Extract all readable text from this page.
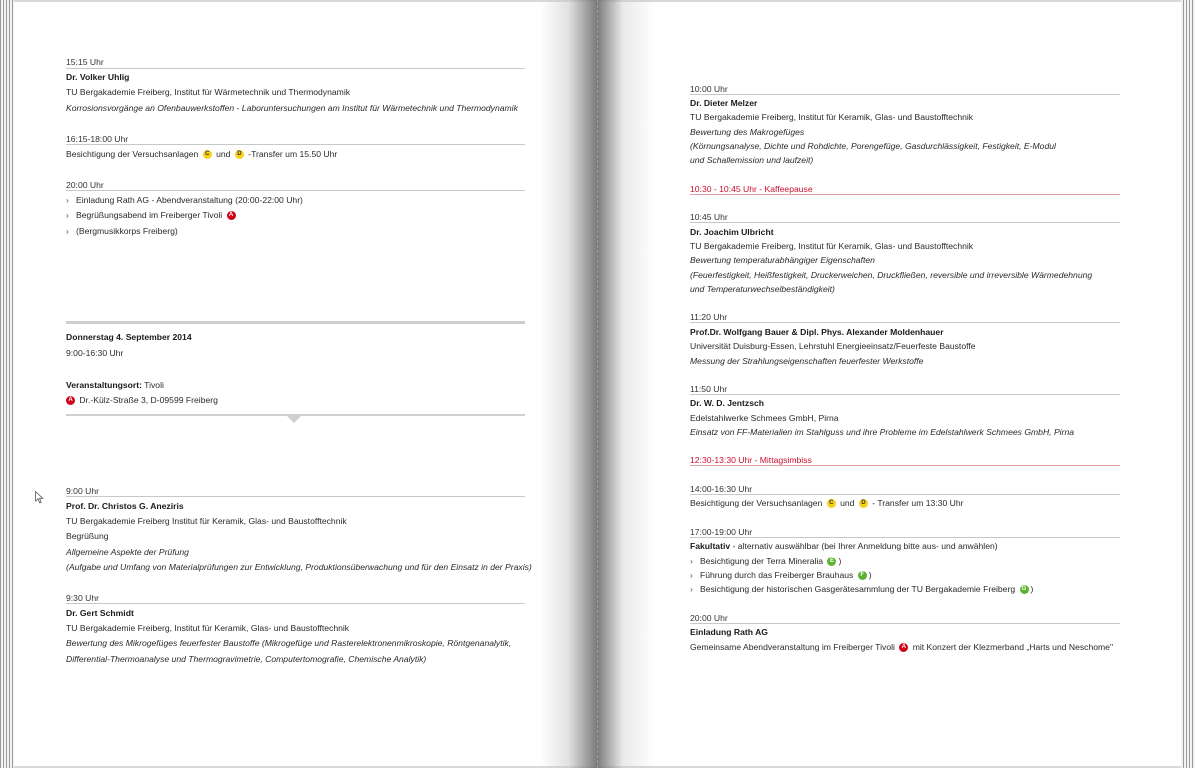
15:15 Uhr
Dr. Volker Uhlig
TU Bergakademie Freiberg, Institut für Wärmetechnik und Thermodynamik
Korrosionsvorgänge an Ofenbauwerkstoffen - Laboruntersuchungen am Institut für Wärmetechnik und Thermodynamik
16:15-18:00 Uhr
Besichtigung der Versuchsanlagen C und D -Transfer um 15.50 Uhr
20:00 Uhr
› Einladung Rath AG - Abendveranstaltung (20:00-22:00 Uhr)
› Begrüßungsabend im Freiberger Tivoli A
› (Bergmusikkorps Freiberg)
Donnerstag 4. September 2014
9:00-16:30 Uhr
Veranstaltungsort: Tivoli
A Dr.-Külz-Straße 3, D-09599 Freiberg
9:00 Uhr
Prof. Dr. Christos G. Aneziris
TU Bergakademie Freiberg Institut für Keramik, Glas- und Baustofftechnik
Begrüßung
Allgemeine Aspekte der Prüfung
(Aufgabe und Umfang von Materialprüfungen zur Entwicklung, Produktionsüberwachung und für den Einsatz in der Praxis)
9:30 Uhr
Dr. Gert Schmidt
TU Bergakademie Freiberg, Institut für Keramik, Glas- und Baustofftechnik
Bewertung des Mikrogefüges feuerfester Baustoffe (Mikrogefüge und Rasterelektronenmikroskopie, Röntgenanalytik,
Differential-Thermoanalyse und Thermogravimetrie, Computertomografie, Chemische Analytik)
10:00 Uhr
Dr. Dieter Melzer
TU Bergakademie Freiberg, Institut für Keramik, Glas- und Baustofftechnik
Bewertung des Makrogefüges
(Körnungsanalyse, Dichte und Rohdichte, Porengefüge, Gasdurchlässigkeit, Festigkeit, E-Modul
und Schallemission und laufzeit)
10:30 - 10:45 Uhr - Kaffeepause
10:45 Uhr
Dr. Joachim Ulbricht
TU Bergakademie Freiberg, Institut für Keramik, Glas- und Baustofftechnik
Bewertung temperaturabhängiger Eigenschaften
(Feuerfestigkeit, Heißfestigkeit, Druckerweichen, Druckfließen, reversible und irreversible Wärmedehnung
und Temperaturwechselbeständigkeit)
11:20 Uhr
Prof.Dr. Wolfgang Bauer & Dipl. Phys. Alexander Moldenhauer
Universität Duisburg-Essen, Lehrstuhl Energieeinsatz/Feuerfeste Baustoffe
Messung der Strahlungseigenschaften feuerfester Werkstoffe
11:50 Uhr
Dr. W. D. Jentzsch
Edelstahlwerke Schmees GmbH, Pirna
Einsatz von FF-Materialien im Stahlguss und ihre Probleme im Edelstahlwerk Schmees GmbH, Pirna
12:30-13:30 Uhr - Mittagsimbiss
14:00-16:30 Uhr
Besichtigung der Versuchsanlagen C und D - Transfer um 13:30 Uhr
17:00-19:00 Uhr
Fakultativ - alternativ auswählbar (bei Ihrer Anmeldung bitte aus- und anwählen)
› Besichtigung der Terra Mineralia E )
› Führung durch das Freiberger Brauhaus F )
› Besichtigung der historischen Gasgerätesammlung der TU Bergakademie Freiberg G )
20:00 Uhr
Einladung Rath AG
Gemeinsame Abendveranstaltung im Freiberger Tivoli A mit Konzert der Klezmerband „Harts und Neschome"
